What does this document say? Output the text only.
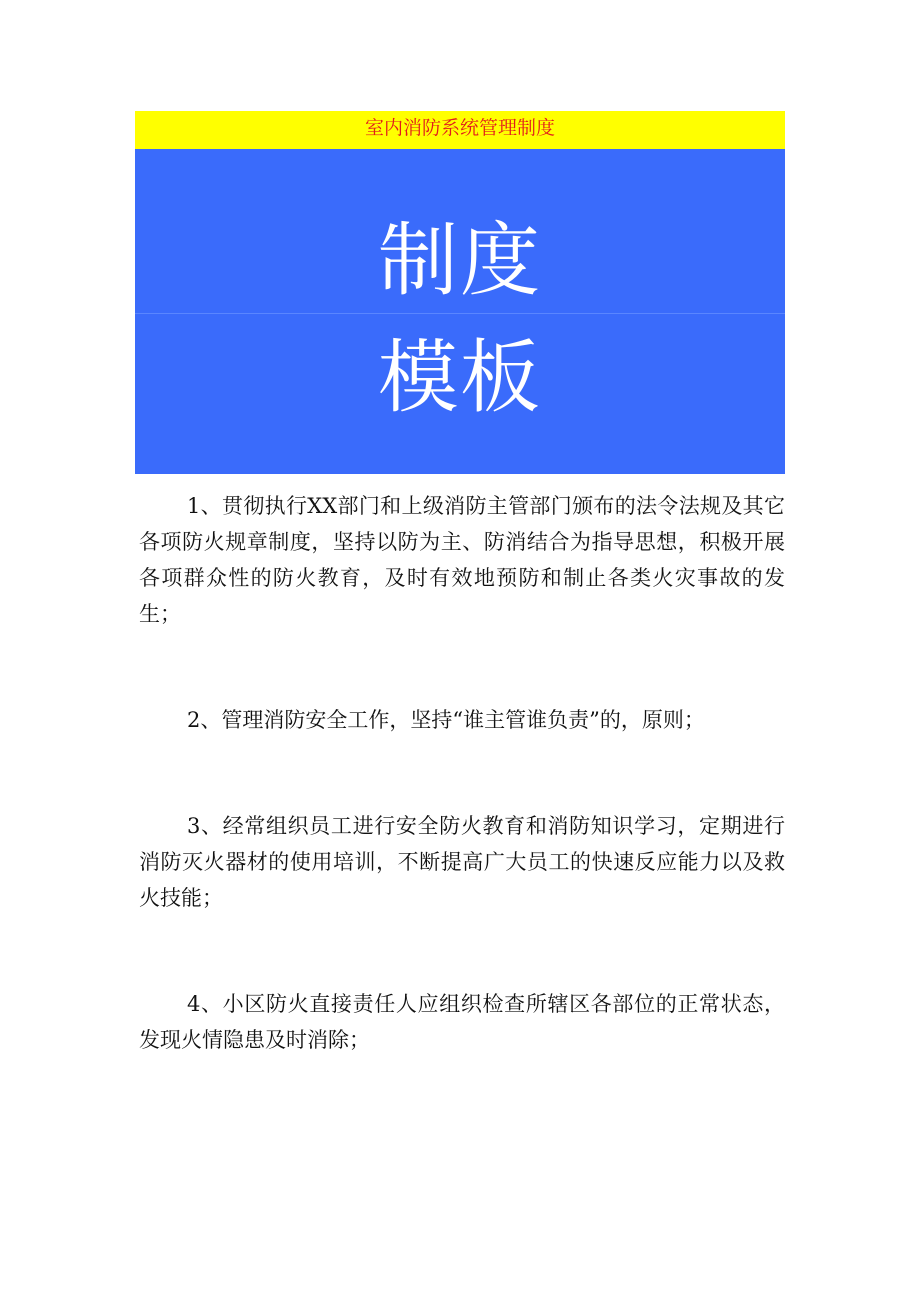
室内消防系统管理制度
制度
模板

1、贯彻执行XX部门和上级消防主管部门颁布的法令法规及其它各项防火规章制度，坚持以防为主、防消结合为指导思想，积极开展各项群众性的防火教育，及时有效地预防和制止各类火灾事故的发生；

2、管理消防安全工作，坚持“谁主管谁负责”的，原则；

3、经常组织员工进行安全防火教育和消防知识学习，定期进行消防灭火器材的使用培训，不断提高广大员工的快速反应能力以及救火技能；

4、小区防火直接责任人应组织检查所辖区各部位的正常状态，发现火情隐患及时消除；
